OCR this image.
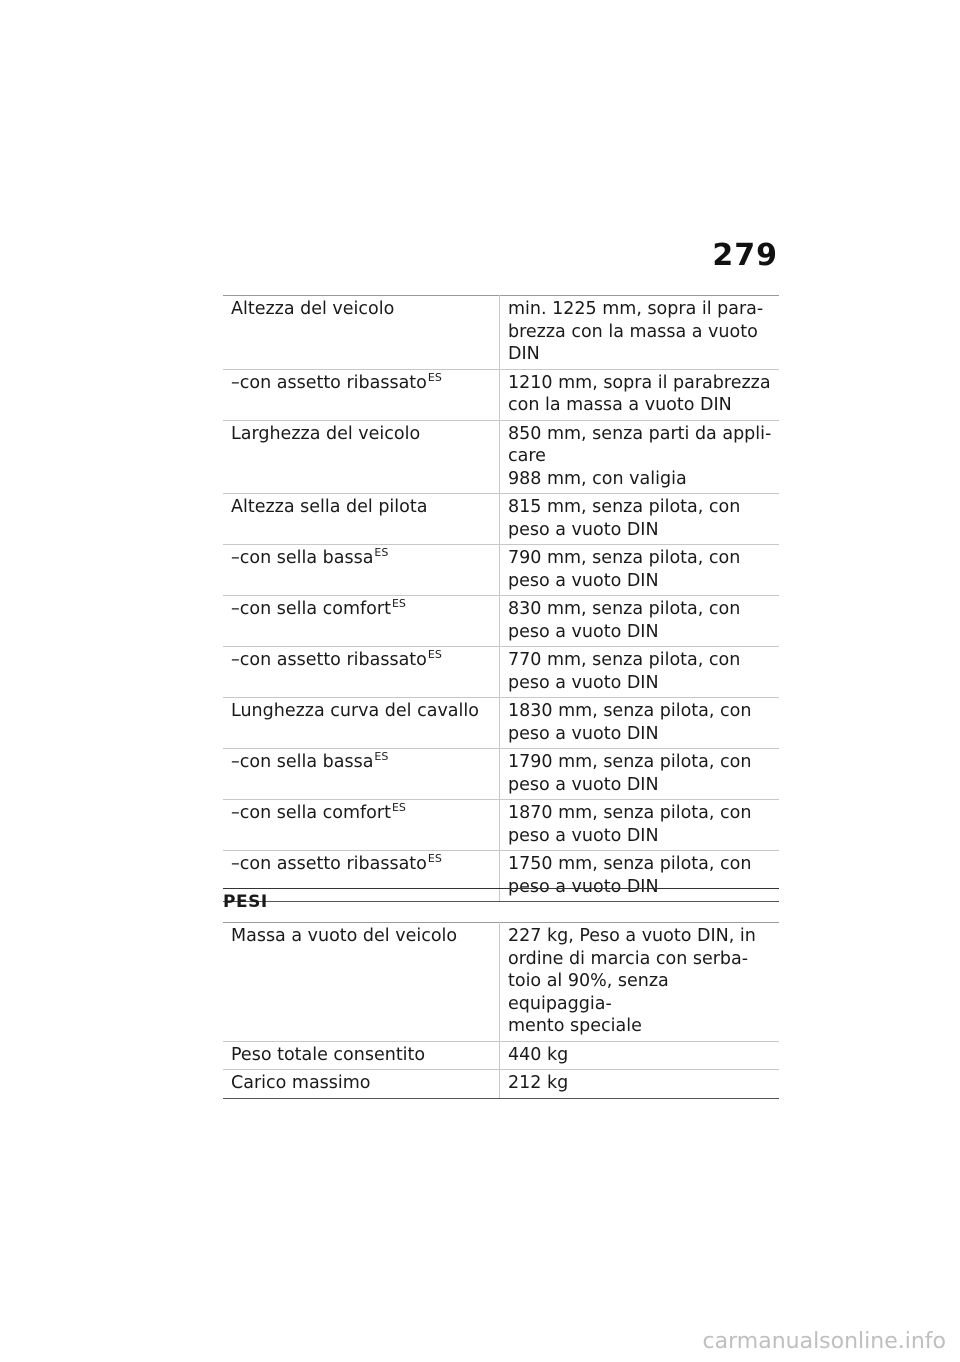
279
Altezza del veicolo	min. 1225 mm, sopra il para-
brezza con la massa a vuoto
DIN

–con assetto ribassato$^{ES}$	1210 mm, sopra il parabrezza
con la massa a vuoto DIN

Larghezza del veicolo	850 mm, senza parti da appli-
care
988 mm, con valigia

Altezza sella del pilota	815 mm, senza pilota, con
peso a vuoto DIN

–con sella bassa$^{ES}$	790 mm, senza pilota, con
peso a vuoto DIN

–con sella comfort$^{ES}$	830 mm, senza pilota, con
peso a vuoto DIN

–con assetto ribassato$^{ES}$	770 mm, senza pilota, con
peso a vuoto DIN

Lunghezza curva del cavallo	1830 mm, senza pilota, con
peso a vuoto DIN

–con sella bassa$^{ES}$	1790 mm, senza pilota, con
peso a vuoto DIN

–con sella comfort$^{ES}$	1870 mm, senza pilota, con
peso a vuoto DIN

–con assetto ribassato$^{ES}$	1750 mm, senza pilota, con
peso a vuoto DIN
PESI
Massa a vuoto del veicolo	227 kg, Peso a vuoto DIN, in
ordine di marcia con serba-
toio al 90%, senza equipaggia-
mento speciale

Peso totale consentito	440 kg

Carico massimo	212 kg
carmanualsonline.info
